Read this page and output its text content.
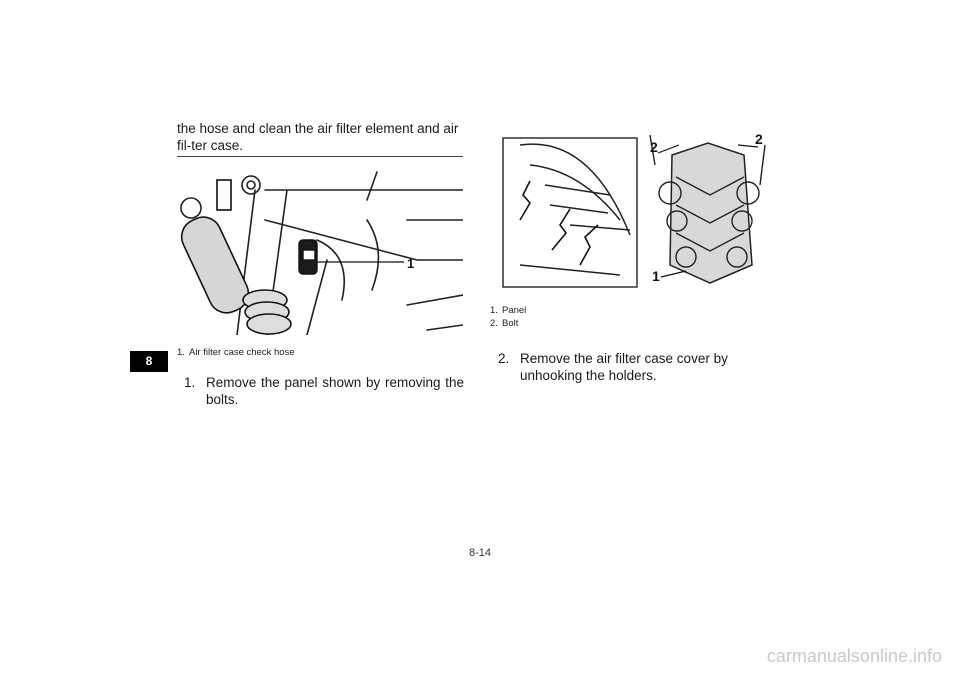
8

the hose and clean the air filter element and air fil-ter case.

1
1. Air filter case check hose
1. Remove the panel shown by removing the bolts.
2	2
1
1. Panel
2. Bolt
2. Remove the air filter case cover by unhooking the holders.
8-14
carmanualsonline.info
